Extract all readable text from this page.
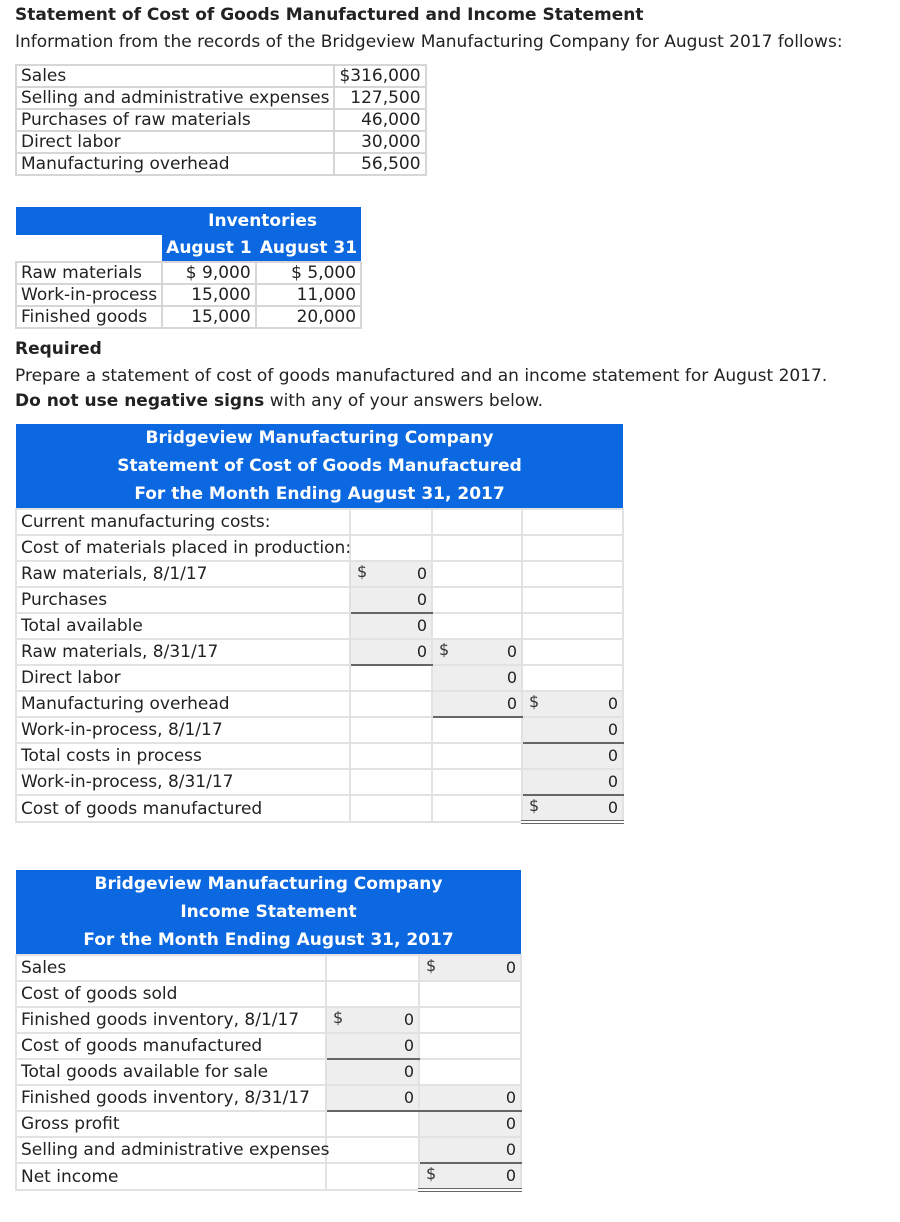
Statement of Cost of Goods Manufactured and Income Statement
Information from the records of the Bridgeview Manufacturing Company for August 2017 follows:
Sales	$316,000
Selling and administrative expenses	127,500
Purchases of raw materials	46,000
Direct labor	30,000
Manufacturing overhead	56,500
	Inventories	
	August 1	August 31
Raw materials	$ 9,000	$ 5,000
Work-in-process	15,000	11,000
Finished goods	15,000	20,000
Required
Prepare a statement of cost of goods manufactured and an income statement for August 2017.
Do not use negative signs with any of your answers below.
Bridgeview Manufacturing Company			
Statement of Cost of Goods Manufactured			
For the Month Ending August 31, 2017			
Current manufacturing costs:			
Cost of materials placed in production:			
Raw materials, 8/1/17	$ 0		
Purchases	0		
Total available	0		
Raw materials, 8/31/17	0	$ 0	
Direct labor		0	
Manufacturing overhead		0	$ 0
Work-in-process, 8/1/17			0
Total costs in process			0
Work-in-process, 8/31/17			0
Cost of goods manufactured			$ 0
Bridgeview Manufacturing Company		
Income Statement		
For the Month Ending August 31, 2017		
Sales		$ 0
Cost of goods sold		
Finished goods inventory, 8/1/17	$ 0	
Cost of goods manufactured	0	
Total goods available for sale	0	
Finished goods inventory, 8/31/17	0	0
Gross profit		0
Selling and administrative expenses		0
Net income		$ 0
